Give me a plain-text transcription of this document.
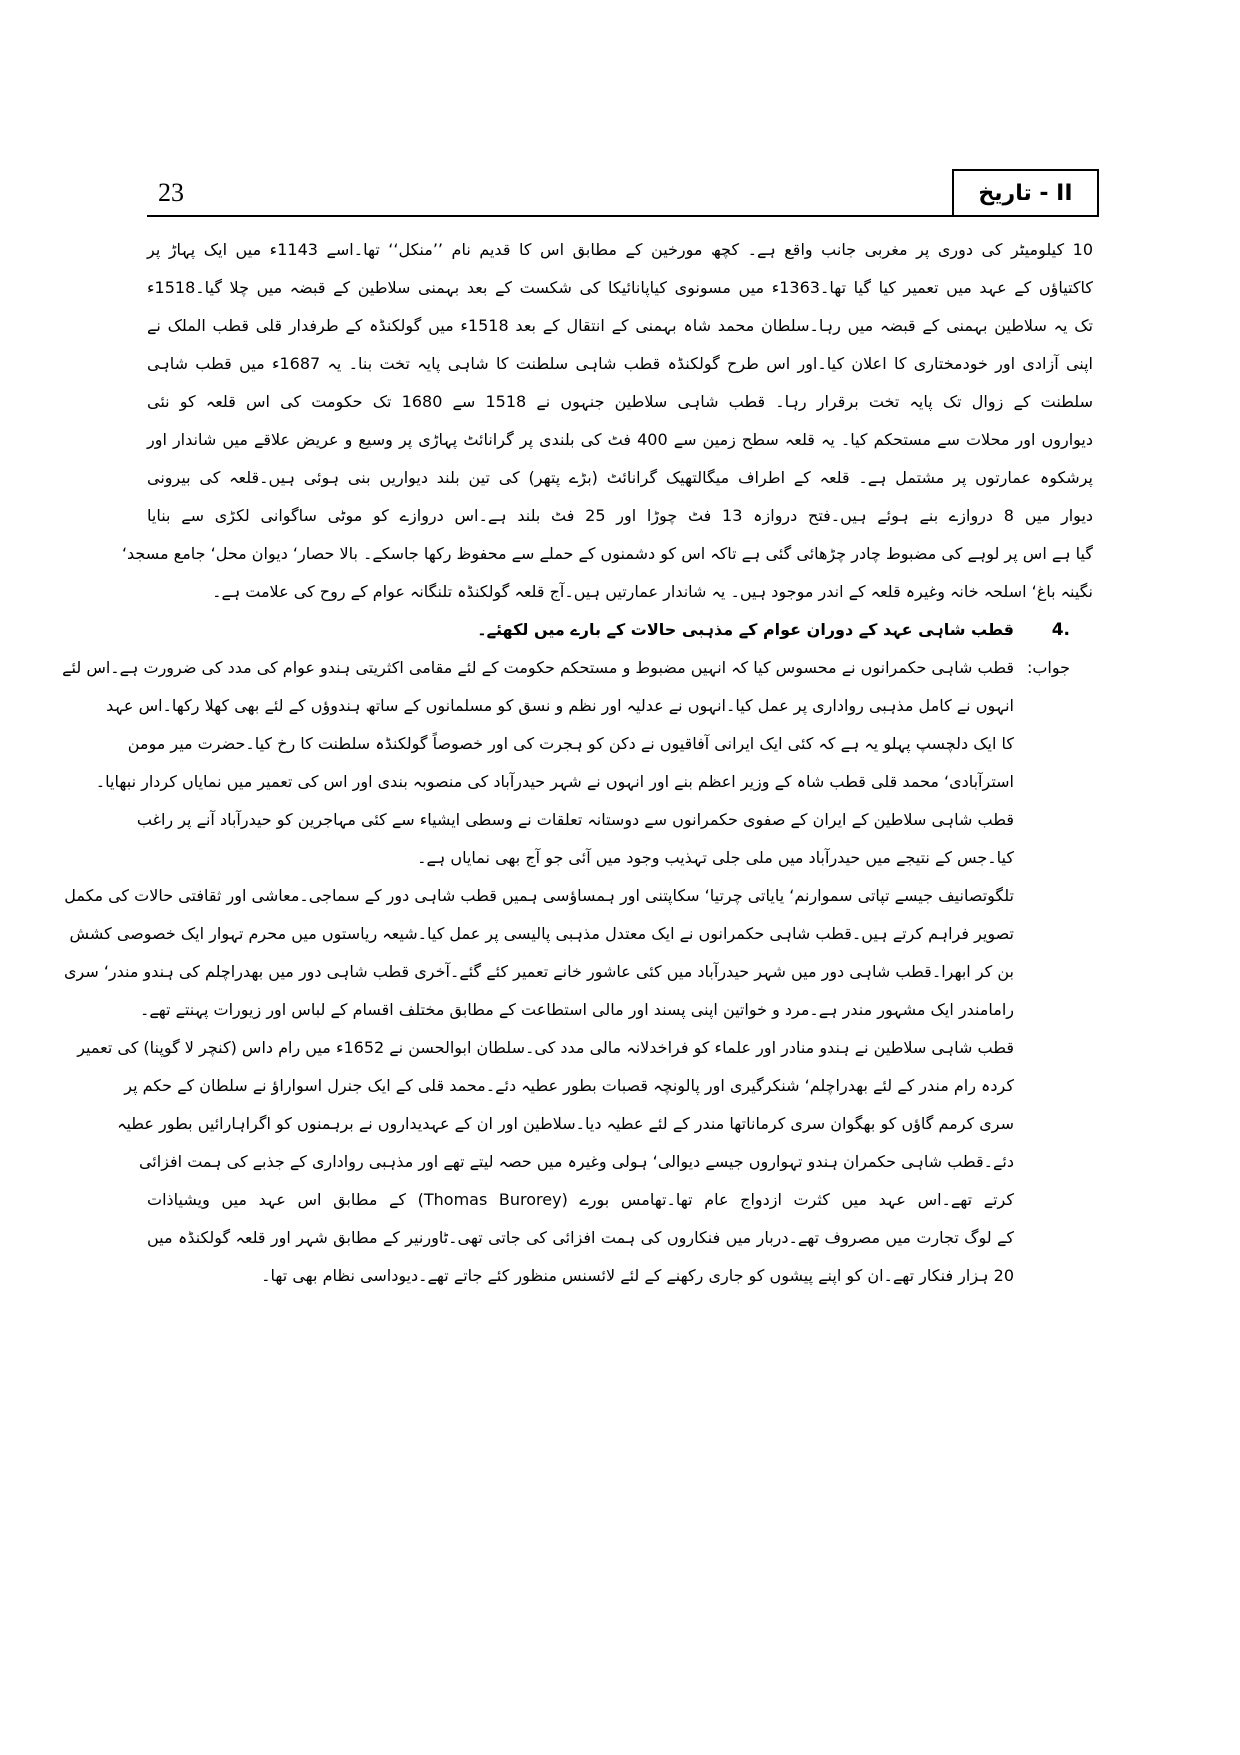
23	تاریخ - II
10 کیلومیٹر کی دوری پر مغربی جانب واقع ہے۔ کچھ مورخین کے مطابق اس کا قدیم نام ’’منکل‘‘ تھا۔اسے 1143ء میں ایک پہاڑ پر
کاکتیاؤں کے عہد میں تعمیر کیا گیا تھا۔1363ء میں مسونوی کیاپانائیکا کی شکست کے بعد بہمنی سلاطین کے قبضہ میں چلا گیا۔1518ء
تک یہ سلاطین بہمنی کے قبضہ میں رہا۔سلطان محمد شاہ بہمنی کے انتقال کے بعد 1518ء میں گولکنڈہ کے طرفدار قلی قطب الملک نے
اپنی آزادی اور خودمختاری کا اعلان کیا۔اور اس طرح گولکنڈہ قطب شاہی سلطنت کا شاہی پایہ تخت بنا۔ یہ 1687ء میں قطب شاہی
سلطنت کے زوال تک پایہ تخت برقرار رہا۔ قطب شاہی سلاطین جنہوں نے 1518 سے 1680 تک حکومت کی اس قلعہ کو نئی
دیواروں اور محلات سے مستحکم کیا۔ یہ قلعہ سطح زمین سے 400 فٹ کی بلندی پر گرانائٹ پہاڑی پر وسیع و عریض علاقے میں شاندار اور
پرشکوہ عمارتوں پر مشتمل ہے۔ قلعہ کے اطراف میگالتھیک گرانائٹ (بڑے پتھر) کی تین بلند دیواریں بنی ہوئی ہیں۔قلعہ کی بیرونی
دیوار میں 8 دروازے بنے ہوئے ہیں۔فتح دروازہ 13 فٹ چوڑا اور 25 فٹ بلند ہے۔اس دروازے کو موٹی ساگوانی لکڑی سے بنایا
گیا ہے اس پر لوہے کی مضبوط چادر چڑھائی گئی ہے تاکہ اس کو دشمنوں کے حملے سے محفوظ رکھا جاسکے۔ بالا حصار‘ دیوان محل‘ جامع مسجد‘
نگینہ باغ‘ اسلحہ خانہ وغیرہ قلعہ کے اندر موجود ہیں۔ یہ شاندار عمارتیں ہیں۔آج قلعہ گولکنڈہ تلنگانہ عوام کے روح کی علامت ہے۔
4.
قطب شاہی عہد کے دوران عوام کے مذہبی حالات کے بارے میں لکھئے۔
جواب:
قطب شاہی حکمرانوں نے محسوس کیا کہ انہیں مضبوط و مستحکم حکومت کے لئے مقامی اکثریتی ہندو عوام کی مدد کی ضرورت ہے۔اس لئے
انہوں نے کامل مذہبی رواداری پر عمل کیا۔انہوں نے عدلیہ اور نظم و نسق کو مسلمانوں کے ساتھ ہندوؤں کے لئے بھی کھلا رکھا۔اس عہد
کا ایک دلچسپ پہلو یہ ہے کہ کئی ایک ایرانی آفاقیوں نے دکن کو ہجرت کی اور خصوصاً گولکنڈہ سلطنت کا رخ کیا۔حضرت میر مومن
استرآبادی‘ محمد قلی قطب شاہ کے وزیر اعظم بنے اور انہوں نے شہر حیدرآباد کی منصوبہ بندی اور اس کی تعمیر میں نمایاں کردار نبھایا۔
قطب شاہی سلاطین کے ایران کے صفوی حکمرانوں سے دوستانہ تعلقات نے وسطی ایشیاء سے کئی مہاجرین کو حیدرآباد آنے پر راغب
کیا۔جس کے نتیجے میں حیدرآباد میں ملی جلی تہذیب وجود میں آئی جو آج بھی نمایاں ہے۔
تلگوتصانیف جیسے تپاتی سموارنم‘ یایاتی چرتیا‘ سکاپتنی اور ہمساؤسی ہمیں قطب شاہی دور کے سماجی۔معاشی اور ثقافتی حالات کی مکمل
تصویر فراہم کرتے ہیں۔قطب شاہی حکمرانوں نے ایک معتدل مذہبی پالیسی پر عمل کیا۔شیعہ ریاستوں میں محرم تہوار ایک خصوصی کشش
بن کر ابھرا۔قطب شاہی دور میں شہر حیدرآباد میں کئی عاشور خانے تعمیر کئے گئے۔آخری قطب شاہی دور میں بھدراچلم کی ہندو مندر‘ سری
رامامندر ایک مشہور مندر ہے۔مرد و خواتین اپنی پسند اور مالی استطاعت کے مطابق مختلف اقسام کے لباس اور زیورات پہنتے تھے۔
قطب شاہی سلاطین نے ہندو منادر اور علماء کو فراخدلانہ مالی مدد کی۔سلطان ابوالحسن نے 1652ء میں رام داس (کنچر لا گوپنا) کی تعمیر
کردہ رام مندر کے لئے بھدراچلم‘ شنکرگیری اور پالونچہ قصبات بطور عطیہ دئے۔محمد قلی کے ایک جنرل اسواراؤ نے سلطان کے حکم پر
سری کرمم گاؤں کو بھگوان سری کرماناتھا مندر کے لئے عطیہ دیا۔سلاطین اور ان کے عہدیداروں نے برہمنوں کو اگراہارائیں بطور عطیہ
دئے۔قطب شاہی حکمران ہندو تہواروں جیسے دیوالی‘ ہولی وغیرہ میں حصہ لیتے تھے اور مذہبی رواداری کے جذبے کی ہمت افزائی
کرتے تھے۔اس عہد میں کثرت ازدواج عام تھا۔تھامس بورے (Thomas Burorey) کے مطابق اس عہد میں ویشیاذات
کے لوگ تجارت میں مصروف تھے۔دربار میں فنکاروں کی ہمت افزائی کی جاتی تھی۔ٹاورنیر کے مطابق شہر اور قلعہ گولکنڈہ میں
20 ہزار فنکار تھے۔ان کو اپنے پیشوں کو جاری رکھنے کے لئے لائسنس منظور کئے جاتے تھے۔دیوداسی نظام بھی تھا۔
